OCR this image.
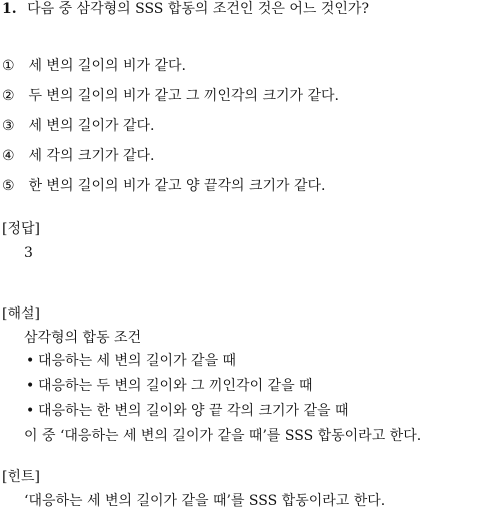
1. 다음 중 삼각형의 SSS 합동의 조건인 것은 어느 것인가?
① 세 변의 길이의 비가 같다.
② 두 변의 길이의 비가 같고 그 끼인각의 크기가 같다.
③ 세 변의 길이가 같다.
④ 세 각의 크기가 같다.
⑤ 한 변의 길이의 비가 같고 양 끝각의 크기가 같다.
[정답]
3
[해설]
삼각형의 합동 조건
• 대응하는 세 변의 길이가 같을 때
• 대응하는 두 변의 길이와 그 끼인각이 같을 때
• 대응하는 한 변의 길이와 양 끝 각의 크기가 같을 때
이 중 ‘대응하는 세 변의 길이가 같을 때’를 SSS 합동이라고 한다.
[힌트]
‘대응하는 세 변의 길이가 같을 때’를 SSS 합동이라고 한다.
